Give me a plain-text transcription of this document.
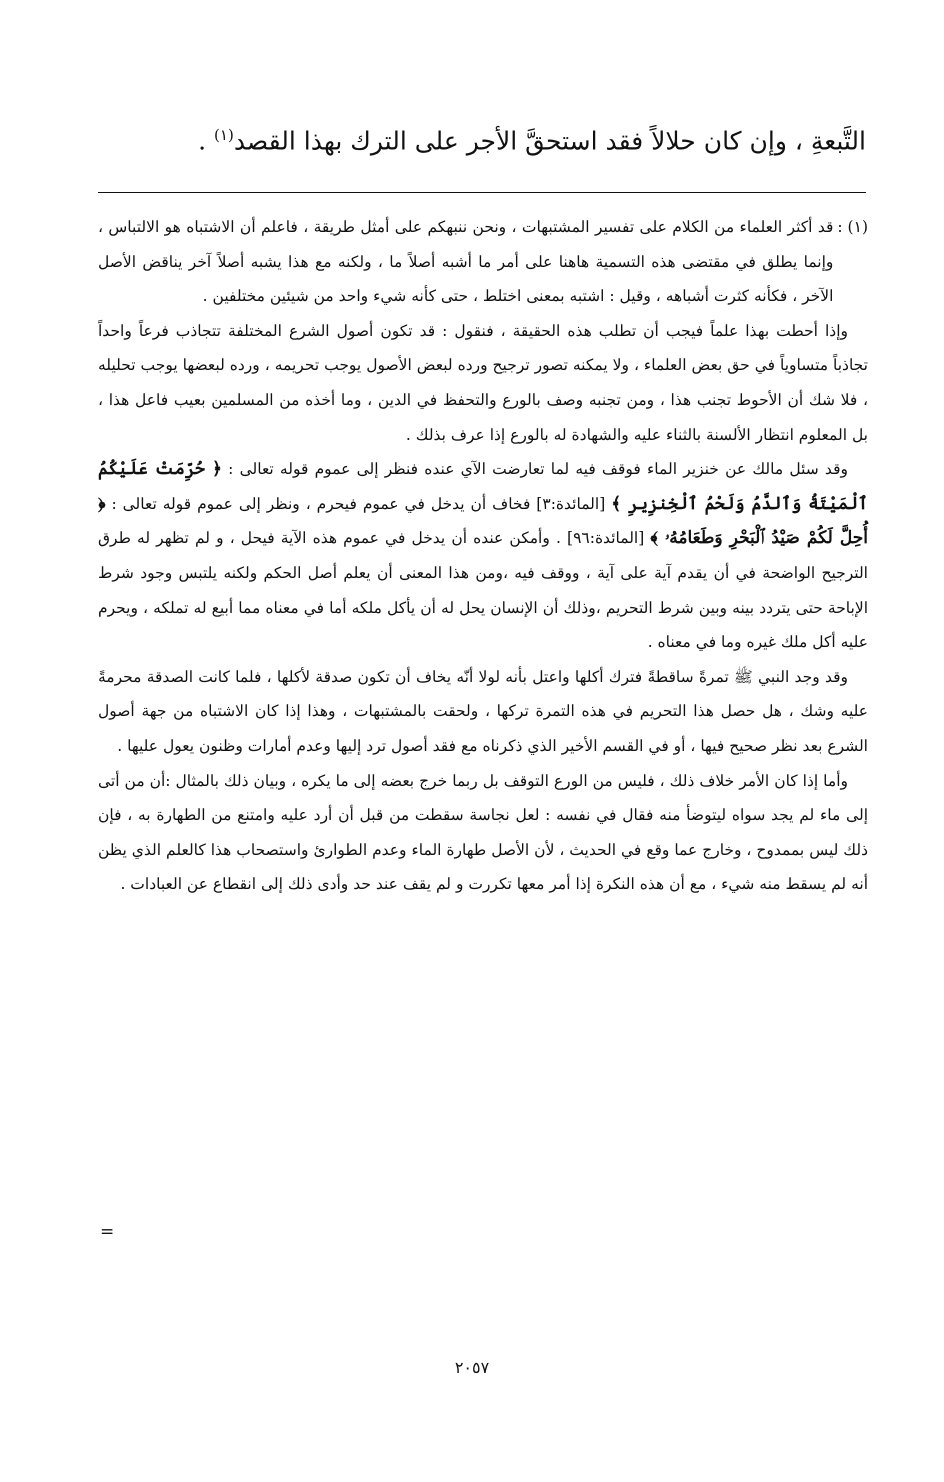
التَّبعةِ ، وإن كان حلالاً فقد استحقَّ الأجر على الترك بهذا القصد$^{(١)}$ .
(١) :

قد أكثر العلماء من الكلام على تفسير المشتبهات ، ونحن ننبهكم على أمثل طريقة ، فاعلم أن الاشتباه هو الالتباس ، وإنما يطلق في مقتضى هذه التسمية هاهنا على أمر ما أشبه أصلاً ما ، ولكنه مع هذا يشبه أصلاً آخر يناقض الأصل الآخر ، فكأنه كثرت أشباهه ، وقيل : اشتبه بمعنى اختلط ، حتى كأنه شيء واحد من شيئين مختلفين .

وإذا أحطت بهذا علماً فيجب أن تطلب هذه الحقيقة ، فنقول : قد تكون أصول الشرع المختلفة تتجاذب فرعاً واحداً تجاذباً متساوياً في حق بعض العلماء ، ولا يمكنه تصور ترجيح ورده لبعض الأصول يوجب تحريمه ، ورده لبعضها يوجب تحليله ، فلا شك أن الأحوط تجنب هذا ، ومن تجنبه وصف بالورع والتحفظ في الدين ، وما أخذه من المسلمين بعيب فاعل هذا ، بل المعلوم انتظار الألسنة بالثناء عليه والشهادة له بالورع إذا عرف بذلك .

وقد سئل مالك عن خنزير الماء فوقف فيه لما تعارضت الآي عنده فنظر إلى عموم قوله تعالى : ﴿ حُرِّمَتْ عَلَيْكُمُ ٱلْمَيْتَةُ وَٱلدَّمُ وَلَحْمُ ٱلْخِنزِيرِ ﴾ [المائدة:٣] فخاف أن يدخل في عموم فيحرم ، ونظر إلى عموم قوله تعالى : ﴿ أُحِلَّ لَكُمْ صَيْدُ ٱلْبَحْرِ وَطَعَامُهُۥ ﴾ [المائدة:٩٦] . وأمكن عنده أن يدخل في عموم هذه الآية فيحل ، و لم تظهر له طرق الترجيح الواضحة في أن يقدم آية على آية ، ووقف فيه ،ومن هذا المعنى أن يعلم أصل الحكم ولكنه يلتبس وجود شرط الإباحة حتى يتردد بينه وبين شرط التحريم ،وذلك أن الإنسان يحل له أن يأكل ملكه أما في معناه مما أبيع له تملكه ، ويحرم عليه أكل ملك غيره وما في معناه .

وقد وجد النبي ﷺ تمرةً ساقطةً فترك أكلها واعتل بأنه لولا أنّه يخاف أن تكون صدقة لأكلها ، فلما كانت الصدقة محرمةً عليه وشك ، هل حصل هذا التحريم في هذه التمرة تركها ، ولحقت بالمشتبهات ، وهذا إذا كان الاشتباه من جهة أصول الشرع بعد نظر صحيح فيها ، أو في القسم الأخير الذي ذكرناه مع فقد أصول ترد إليها وعدم أمارات وظنون يعول عليها .

وأما إذا كان الأمر خلاف ذلك ، فليس من الورع التوقف بل ربما خرج بعضه إلى ما يكره ، وبيان ذلك بالمثال :أن من أتى إلى ماء لم يجد سواه ليتوضأ منه فقال في نفسه : لعل نجاسة سقطت من قبل أن أرد عليه وامتنع من الطهارة به ، فإن ذلك ليس بممدوح ، وخارج عما وقع في الحديث ، لأن الأصل طهارة الماء وعدم الطوارئ واستصحاب هذا كالعلم الذي يظن أنه لم يسقط منه شيء ، مع أن هذه النكرة إذا أمر معها تكررت و لم يقف عند حد وأدى ذلك إلى انقطاع عن العبادات .

=
٢٠٥٧
